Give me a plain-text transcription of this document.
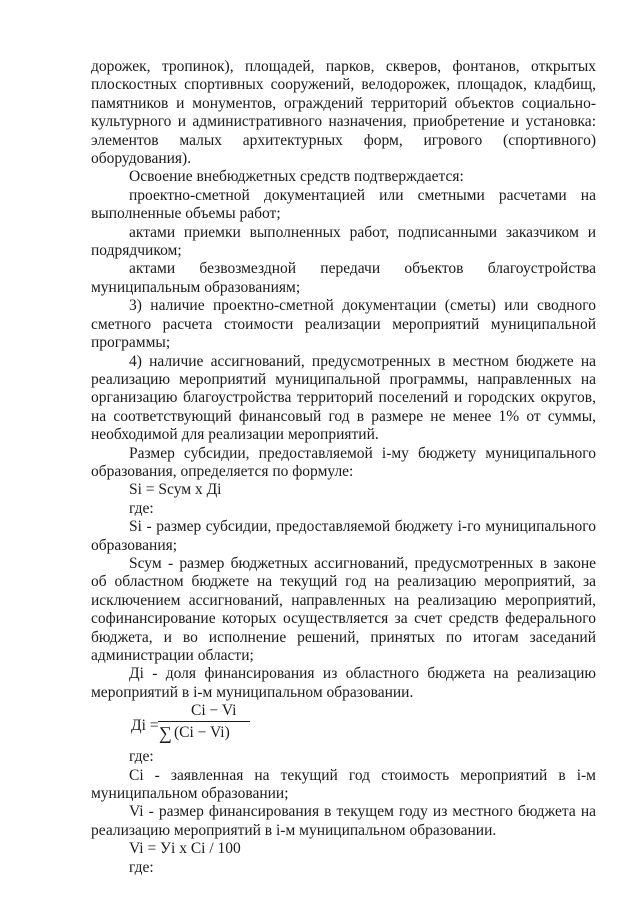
дорожек, тропинок), площадей, парков, скверов, фонтанов, открытых плоскостных спортивных сооружений, велодорожек, площадок, кладбищ, памятников и монументов, ограждений территорий объектов социально-культурного и административного назначения, приобретение и установка: элементов малых архитектурных форм, игрового (спортивного) оборудования).

Освоение внебюджетных средств подтверждается:

проектно-сметной документацией или сметными расчетами на выполненные объемы работ;

актами приемки выполненных работ, подписанными заказчиком и подрядчиком;

актами безвозмездной передачи объектов благоустройства муниципальным образованиям;

3) наличие проектно-сметной документации (сметы) или сводного сметного расчета стоимости реализации мероприятий муниципальной программы;

4) наличие ассигнований, предусмотренных в местном бюджете на реализацию мероприятий муниципальной программы, направленных на организацию благоустройства территорий поселений и городских округов, на соответствующий финансовый год в размере не менее 1% от суммы, необходимой для реализации мероприятий.

Размер субсидии, предоставляемой i-му бюджету муниципального образования, определяется по формуле:

Si = Sсум x Дi

где:

Si - размер субсидии, предоставляемой бюджету i-го муниципального образования;

Sсум - размер бюджетных ассигнований, предусмотренных в законе об областном бюджете на текущий год на реализацию мероприятий, за исключением ассигнований, направленных на реализацию мероприятий, софинансирование которых осуществляется за счет средств федерального бюджета, и во исполнение решений, принятых по итогам заседаний администрации области;

Дi - доля финансирования из областного бюджета на реализацию мероприятий в i-м муниципальном образовании.

Дi =
Ci − Vi
∑ (Ci − Vi)

где:

Ci - заявленная на текущий год стоимость мероприятий в i-м муниципальном образовании;

Vi - размер финансирования в текущем году из местного бюджета на реализацию мероприятий в i-м муниципальном образовании.

Vi = Уi x Ci / 100

где:
